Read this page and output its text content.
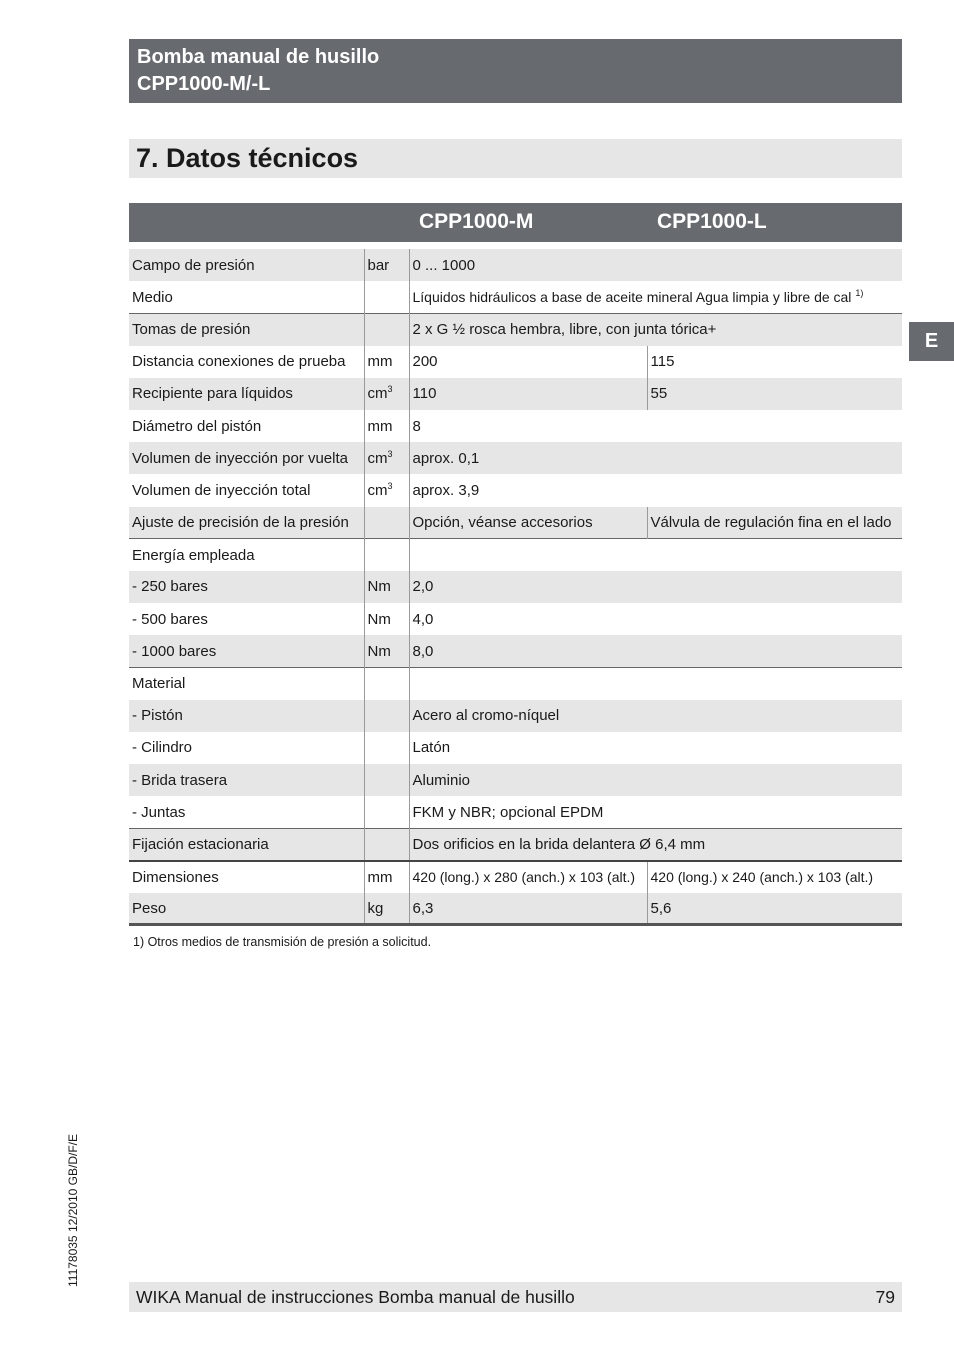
Bomba manual de husillo
CPP1000-M/-L
7. Datos técnicos
CPP1000-M	CPP1000-L
Campo de presión	bar	0 ... 1000	
Medio		Líquidos hidráulicos a base de aceite mineral Agua limpia y libre de cal $^{1)}$
Tomas de presión		2 x G ½ rosca hembra, libre, con junta tórica+	
Distancia conexiones de prueba	mm	200	115
Recipiente para líquidos	$cm^3$	110	55
Diámetro del pistón	mm	8	
Volumen de inyección por vuelta	$cm^3$	aprox. 0,1	
Volumen de inyección total	$cm^3$	aprox. 3,9	
Ajuste de precisión de la presión		Opción, véanse accesorios	Válvula de regulación fina en el lado
Energía empleada			
- 250 bares	Nm	2,0	
- 500 bares	Nm	4,0	
- 1000 bares	Nm	8,0	
Material			
- Pistón		Acero al cromo-níquel	
- Cilindro		Latón	
- Brida trasera		Aluminio	
- Juntas		FKM y NBR; opcional EPDM	
Fijación estacionaria		Dos orificios en la brida delantera Ø 6,4 mm	
Dimensiones	mm	420 (long.) x 280 (anch.) x 103 (alt.)	420 (long.) x 240 (anch.) x 103 (alt.)
Peso	kg	6,3	5,6
1) Otros medios de transmisión de presión a solicitud.
E
11178035 12/2010 GB/D/F/E
WIKA Manual de instrucciones Bomba manual de husillo	79
